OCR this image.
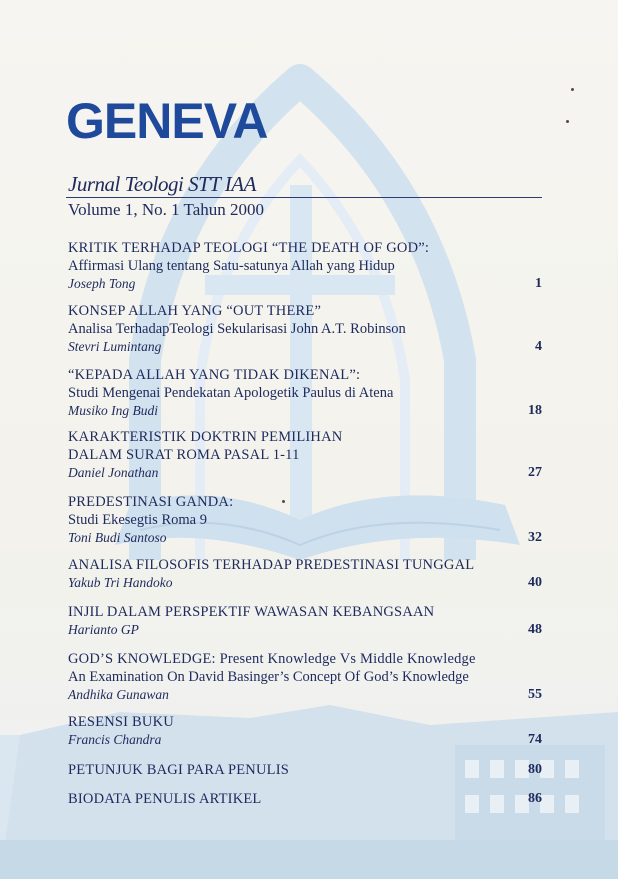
GENEVA
Jurnal Teologi STT IAA
Volume 1, No. 1 Tahun 2000
KRITIK TERHADAP TEOLOGI “THE DEATH OF GOD”:
Affirmasi Ulang tentang Satu-satunya Allah yang Hidup
Joseph Tong	1
KONSEP ALLAH YANG “OUT THERE”
Analisa TerhadapTeologi Sekularisasi John A.T. Robinson
Stevri Lumintang	4
“KEPADA ALLAH YANG TIDAK DIKENAL”:
Studi Mengenai Pendekatan Apologetik Paulus di Atena
Musiko Ing Budi	18
KARAKTERISTIK DOKTRIN PEMILIHAN
DALAM SURAT ROMA PASAL 1-11
Daniel Jonathan	27
PREDESTINASI GANDA:
Studi Ekesegtis Roma 9
Toni Budi Santoso	32
ANALISA FILOSOFIS TERHADAP PREDESTINASI TUNGGAL
Yakub Tri Handoko	40
INJIL DALAM PERSPEKTIF WAWASAN KEBANGSAAN
Harianto GP	48
GOD’S KNOWLEDGE: Present Knowledge Vs Middle Knowledge
An Examination On David Basinger’s Concept Of God’s Knowledge
Andhika Gunawan	55
RESENSI BUKU
Francis Chandra	74
PETUNJUK BAGI PARA PENULIS	80
BIODATA PENULIS ARTIKEL	86
